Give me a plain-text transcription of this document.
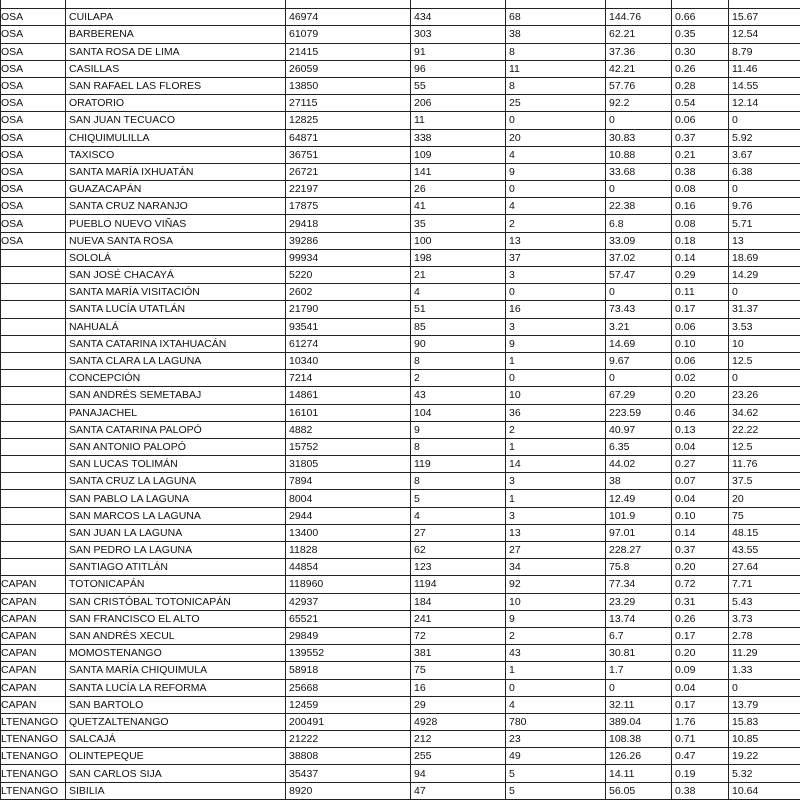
OSA	CUILAPA	46974	434	68	144.76	0.66	15.67
OSA	BARBERENA	61079	303	38	62.21	0.35	12.54
OSA	SANTA ROSA DE LIMA	21415	91	8	37.36	0.30	8.79
OSA	CASILLAS	26059	96	11	42.21	0.26	11.46
OSA	SAN RAFAEL LAS FLORES	13850	55	8	57.76	0.28	14.55
OSA	ORATORIO	27115	206	25	92.2	0.54	12.14
OSA	SAN JUAN TECUACO	12825	11	0	0	0.06	0
OSA	CHIQUIMULILLA	64871	338	20	30.83	0.37	5.92
OSA	TAXISCO	36751	109	4	10.88	0.21	3.67
OSA	SANTA MARÍA IXHUATÁN	26721	141	9	33.68	0.38	6.38
OSA	GUAZACAPÁN	22197	26	0	0	0.08	0
OSA	SANTA CRUZ NARANJO	17875	41	4	22.38	0.16	9.76
OSA	PUEBLO NUEVO VIÑAS	29418	35	2	6.8	0.08	5.71
OSA	NUEVA SANTA ROSA	39286	100	13	33.09	0.18	13
	SOLOLÁ	99934	198	37	37.02	0.14	18.69
	SAN JOSÉ CHACAYÁ	5220	21	3	57.47	0.29	14.29
	SANTA MARÍA VISITACIÓN	2602	4	0	0	0.11	0
	SANTA LUCÍA UTATLÁN	21790	51	16	73.43	0.17	31.37
	NAHUALÁ	93541	85	3	3.21	0.06	3.53
	SANTA CATARINA IXTAHUACÁN	61274	90	9	14.69	0.10	10
	SANTA CLARA LA LAGUNA	10340	8	1	9.67	0.06	12.5
	CONCEPCIÓN	7214	2	0	0	0.02	0
	SAN ANDRÉS SEMETABAJ	14861	43	10	67.29	0.20	23.26
	PANAJACHEL	16101	104	36	223.59	0.46	34.62
	SANTA CATARINA PALOPÓ	4882	9	2	40.97	0.13	22.22
	SAN ANTONIO PALOPÓ	15752	8	1	6.35	0.04	12.5
	SAN LUCAS TOLIMÁN	31805	119	14	44.02	0.27	11.76
	SANTA CRUZ LA LAGUNA	7894	8	3	38	0.07	37.5
	SAN PABLO LA LAGUNA	8004	5	1	12.49	0.04	20
	SAN MARCOS LA LAGUNA	2944	4	3	101.9	0.10	75
	SAN JUAN LA LAGUNA	13400	27	13	97.01	0.14	48.15
	SAN PEDRO LA LAGUNA	11828	62	27	228.27	0.37	43.55
	SANTIAGO ATITLÁN	44854	123	34	75.8	0.20	27.64
CAPAN	TOTONICAPÁN	118960	1194	92	77.34	0.72	7.71
CAPAN	SAN CRISTÓBAL TOTONICAPÁN	42937	184	10	23.29	0.31	5.43
CAPAN	SAN FRANCISCO EL ALTO	65521	241	9	13.74	0.26	3.73
CAPAN	SAN ANDRÉS XECUL	29849	72	2	6.7	0.17	2.78
CAPAN	MOMOSTENANGO	139552	381	43	30.81	0.20	11.29
CAPAN	SANTA MARÍA CHIQUIMULA	58918	75	1	1.7	0.09	1.33
CAPAN	SANTA LUCÍA LA REFORMA	25668	16	0	0	0.04	0
CAPAN	SAN BARTOLO	12459	29	4	32.11	0.17	13.79
LTENANGO	QUETZALTENANGO	200491	4928	780	389.04	1.76	15.83
LTENANGO	SALCAJÁ	21222	212	23	108.38	0.71	10.85
LTENANGO	OLINTEPEQUE	38808	255	49	126.26	0.47	19.22
LTENANGO	SAN CARLOS SIJA	35437	94	5	14.11	0.19	5.32
LTENANGO	SIBILIA	8920	47	5	56.05	0.38	10.64
